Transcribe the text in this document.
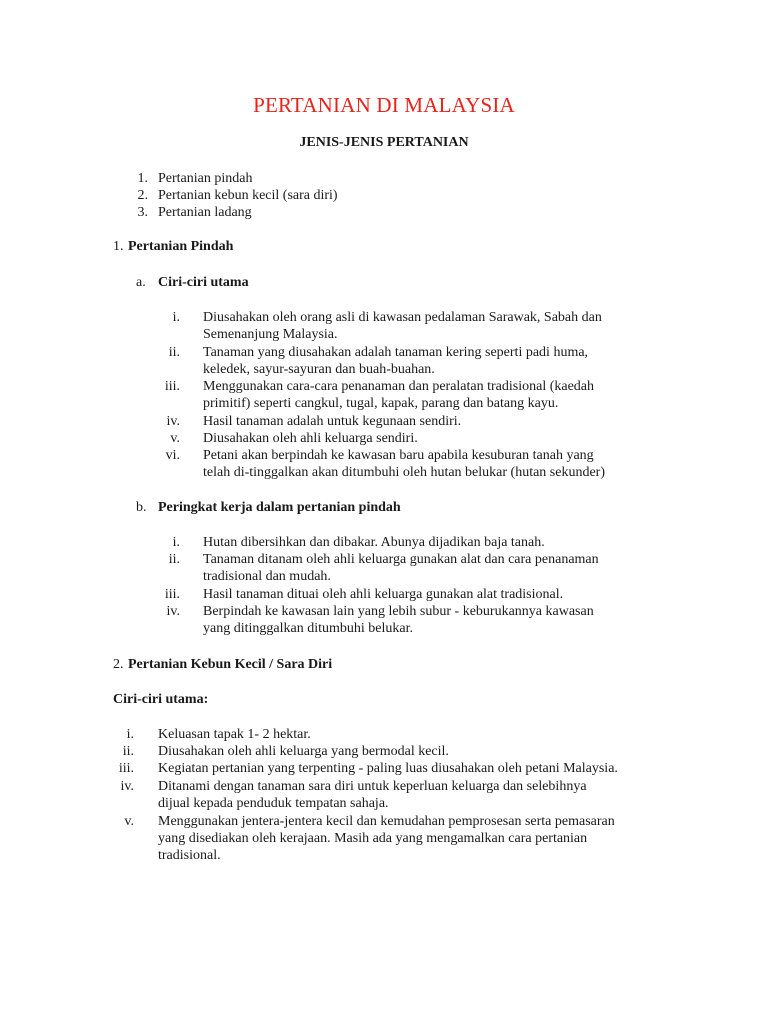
PERTANIAN DI MALAYSIA
JENIS-JENIS PERTANIAN
1. Pertanian pindah
2. Pertanian kebun kecil (sara diri)
3. Pertanian ladang
1. Pertanian Pindah
a. Ciri-ciri utama
i. Diusahakan oleh orang asli di kawasan pedalaman Sarawak, Sabah dan
Semenanjung Malaysia.
ii. Tanaman yang diusahakan adalah tanaman kering seperti padi huma,
keledek, sayur-sayuran dan buah-buahan.
iii. Menggunakan cara-cara penanaman dan peralatan tradisional (kaedah
primitif) seperti cangkul, tugal, kapak, parang dan batang kayu.
iv. Hasil tanaman adalah untuk kegunaan sendiri.
v. Diusahakan oleh ahli keluarga sendiri.
vi. Petani akan berpindah ke kawasan baru apabila kesuburan tanah yang
telah di-tinggalkan akan ditumbuhi oleh hutan belukar (hutan sekunder)
b. Peringkat kerja dalam pertanian pindah
i. Hutan dibersihkan dan dibakar. Abunya dijadikan baja tanah.
ii. Tanaman ditanam oleh ahli keluarga gunakan alat dan cara penanaman
tradisional dan mudah.
iii. Hasil tanaman dituai oleh ahli keluarga gunakan alat tradisional.
iv. Berpindah ke kawasan lain yang lebih subur - keburukannya kawasan
yang ditinggalkan ditumbuhi belukar.
2. Pertanian Kebun Kecil / Sara Diri
Ciri-ciri utama:
i. Keluasan tapak 1- 2 hektar.
ii. Diusahakan oleh ahli keluarga yang bermodal kecil.
iii. Kegiatan pertanian yang terpenting - paling luas diusahakan oleh petani Malaysia.
iv. Ditanami dengan tanaman sara diri untuk keperluan keluarga dan selebihnya
dijual kepada penduduk tempatan sahaja.
v. Menggunakan jentera-jentera kecil dan kemudahan pemprosesan serta pemasaran
yang disediakan oleh kerajaan. Masih ada yang mengamalkan cara pertanian
tradisional.
